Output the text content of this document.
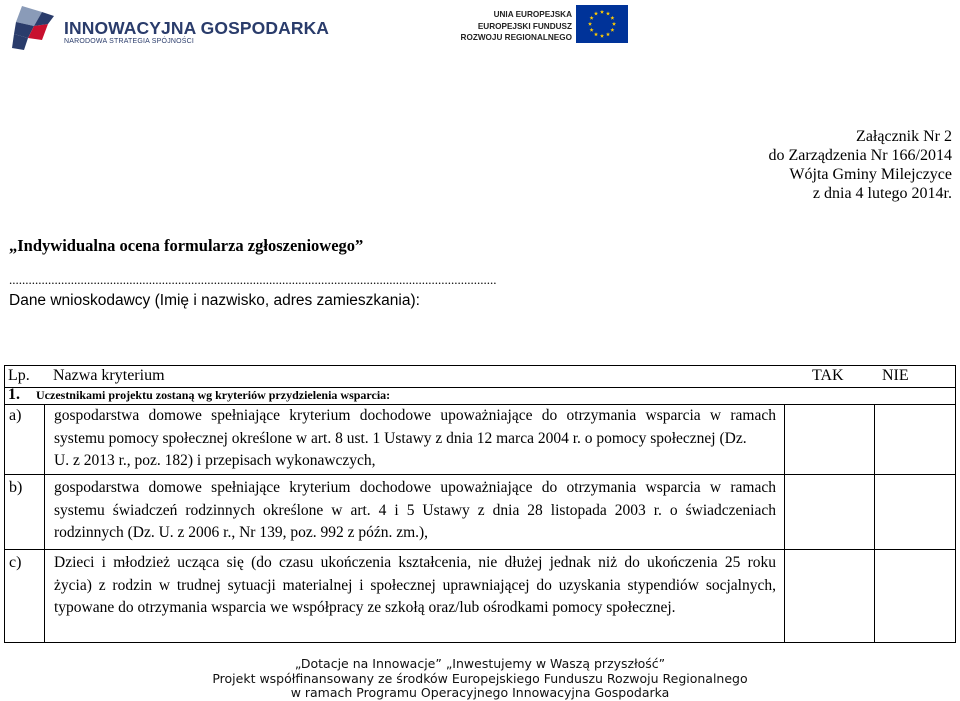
INNOWACYJNA GOSPODARKA
NARODOWA STRATEGIA SPÓJNOŚCI
UNIA EUROPEJSKA
EUROPEJSKI FUNDUSZ
ROZWOJU REGIONALNEGO
Załącznik Nr 2
do Zarządzenia Nr 166/2014
Wójta Gminy Milejczyce
z dnia 4 lutego 2014r.
„Indywidualna ocena formularza zgłoszeniowego”
......................................................................................................................................................
Dane wnioskodawcy (Imię i nazwisko, adres zamieszkania):
Lp. Nazwa kryterium	TAK NIE
1. Uczestnikami projektu zostaną wg kryteriów przydzielenia wsparcia:
a) gospodarstwa domowe spełniające kryterium dochodowe upoważniające do otrzymania wsparcia w ramach
systemu pomocy społecznej określone w art. 8 ust. 1 Ustawy z dnia 12 marca 2004 r. o pomocy społecznej (Dz.
U. z 2013 r., poz. 182) i przepisach wykonawczych,
b) gospodarstwa domowe spełniające kryterium dochodowe upoważniające do otrzymania wsparcia w ramach
systemu świadczeń rodzinnych określone w art. 4 i 5 Ustawy z dnia 28 listopada 2003 r. o świadczeniach
rodzinnych (Dz. U. z 2006 r., Nr 139, poz. 992 z późn. zm.),
c) Dzieci i młodzież ucząca się (do czasu ukończenia kształcenia, nie dłużej jednak niż do ukończenia 25 roku
życia) z rodzin w trudnej sytuacji materialnej i społecznej uprawniającej do uzyskania stypendiów socjalnych,
typowane do otrzymania wsparcia we współpracy ze szkołą oraz/lub ośrodkami pomocy społecznej.
„Dotacje na Innowacje” „Inwestujemy w Waszą przyszłość”
Projekt współfinansowany ze środków Europejskiego Funduszu Rozwoju Regionalnego
w ramach Programu Operacyjnego Innowacyjna Gospodarka
